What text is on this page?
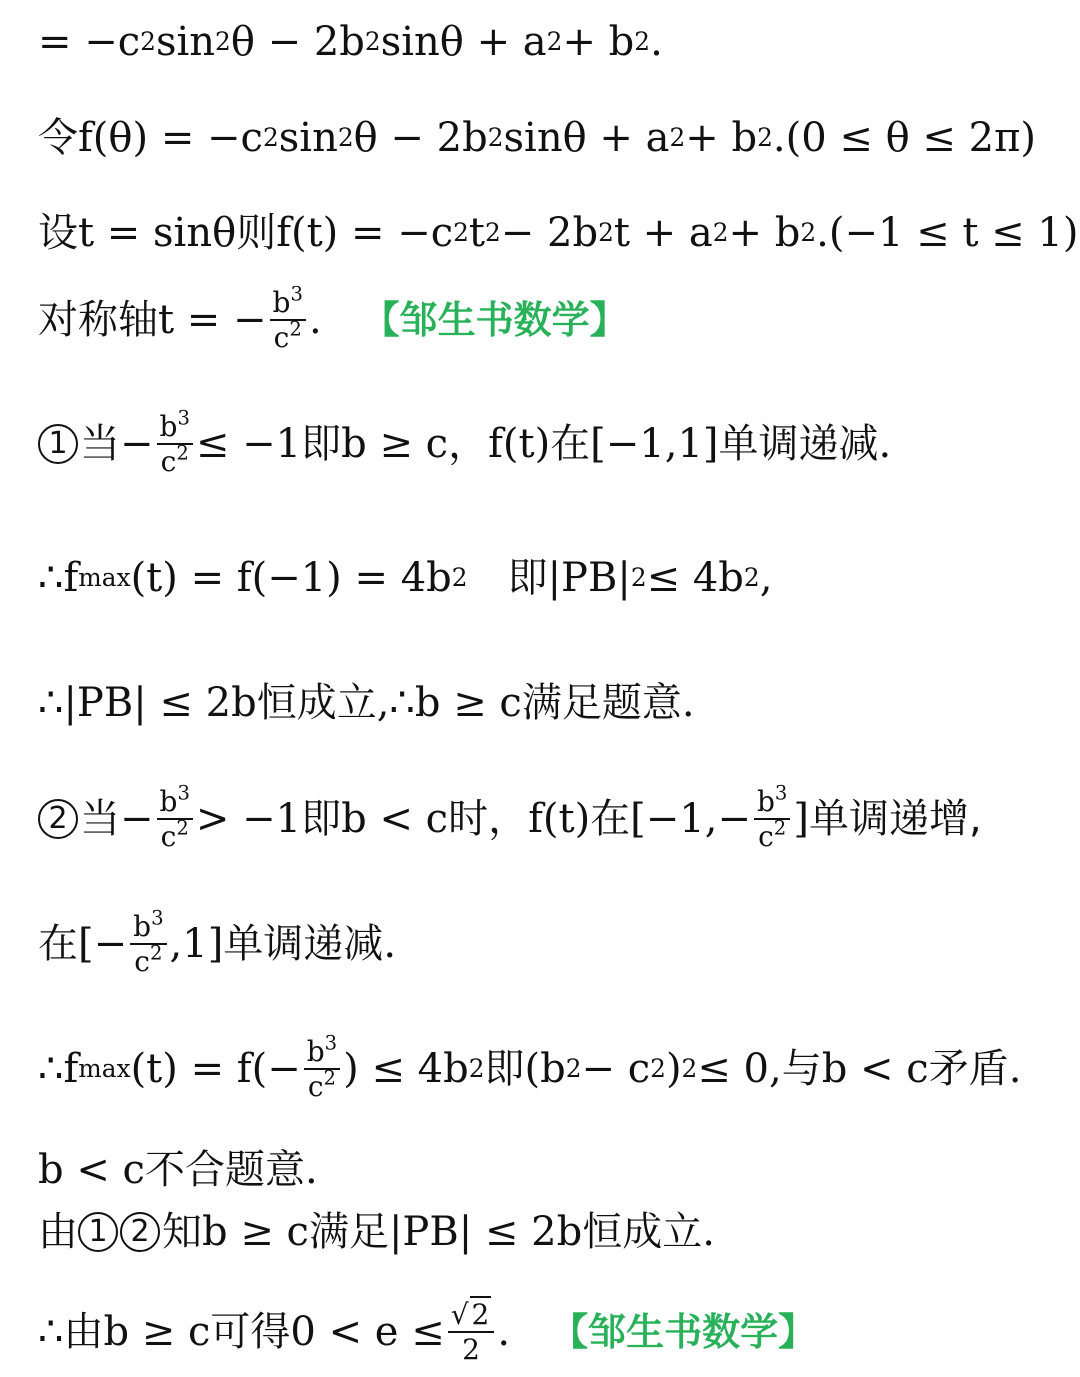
= −c 2 sin 2 θ − 2b 2 sinθ + a 2 + b 2 .
令 f(θ) = −c 2 sin 2 θ − 2b 2 sinθ + a 2 + b 2 .(0 ≤ θ ≤ 2π)
设 t = sinθ 则 f(t) = −c 2 t 2 − 2b 2 t + a 2 + b 2 .(−1 ≤ t ≤ 1)
对称轴 t = − $\frac{b^3}{c^2}$ . 【邹生书数学】
1 当 − $\frac{b^3}{c^2} \le -1$ 即 b ≥ c ， f(t) 在 [−1,1] 单调递减 .
∴f max (t) = f(−1) = 4b 2 即 |PB| 2 ≤ 4b 2 ,
∴|PB| ≤ 2b 恒成立 ,∴b ≥ c 满足题意 .
2 当 − $\frac{b^3}{c^2} > -1$ 即 b < c 时， f(t) 在 [$-1,- \frac{b^3}{c^2}$ ] 单调递增,
在 [− $\frac{b^3}{c^2} ,1$] 单调递减 .
∴f $\max (t) = f(- \frac{b^3}{c^2}$ ) ≤ 4b 2 即 (b 2 − c 2 ) 2 ≤ 0, 与 b < c 矛盾 .
b < c 不合题意 .
由 1 2 知 b ≥ c 满足 |PB| ≤ 2b 恒成立 .
∴ 由 b ≥ c 可得 $0 < e \le \frac{√ 2}{2}$ . 【邹生书数学】
